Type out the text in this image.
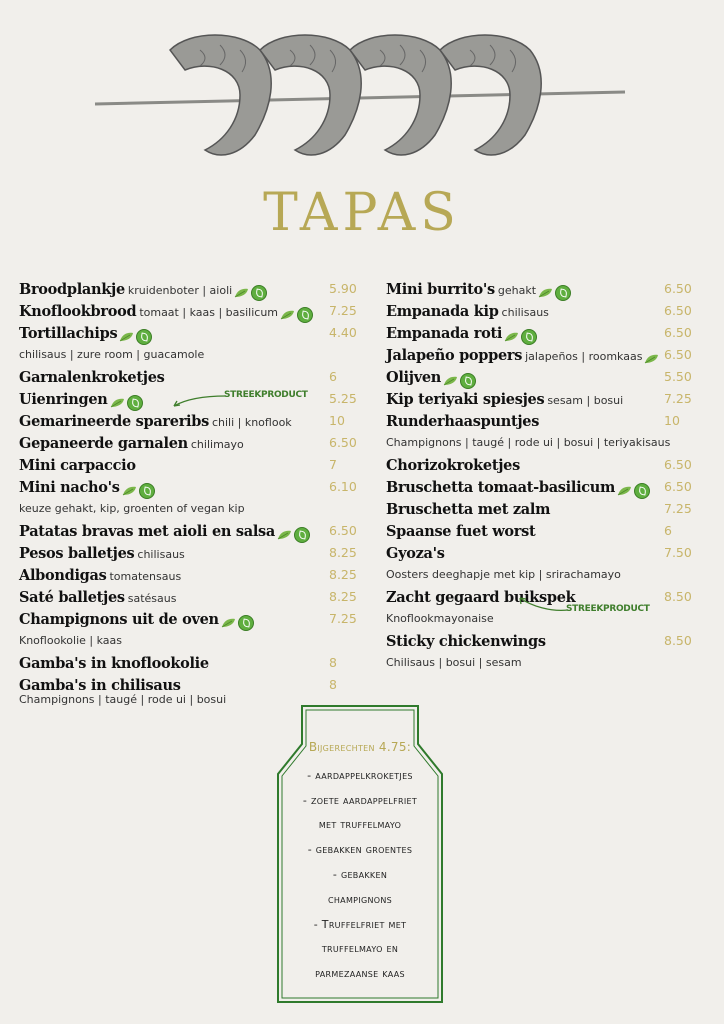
TAPAS
Broodplankje kruidenboter | aioli	5.90
Knoflookbrood tomaat | kaas | basilicum	7.25
Tortillachips	4.40
chilisaus | zure room | guacamole
Garnalenkroketjes	6
Uienringen	5.25
Gemarineerde spareribs chili | knoflook	10
Gepaneerde garnalen chilimayo	6.50
Mini carpaccio	7
Mini nacho's	6.10
keuze gehakt, kip, groenten of vegan kip
Patatas bravas met aioli en salsa	6.50
Pesos balletjes chilisaus	8.25
Albondigas tomatensaus	8.25
Saté balletjes satésaus	8.25
Champignons uit de oven	7.25
Knoflookolie | kaas
Gamba's in knoflookolie	8
Gamba's in chilisaus	8
Champignons | taugé | rode ui | bosui
Mini burrito's gehakt	6.50
Empanada kip chilisaus	6.50
Empanada roti	6.50
Jalapeño poppers jalapeños | roomkaas 6.50
Olijven	5.50
Kip teriyaki spiesjes sesam | bosui	7.25
Runderhaaspuntjes	10
Champignons | taugé | rode ui | bosui | teriyakisaus
Chorizokroketjes	6.50
Bruschetta tomaat-basilicum	6.50
Bruschetta met zalm	7.25
Spaanse fuet worst	6
Gyoza's	7.50
Oosters deeghapje met kip | srirachamayo
Zacht gegaard buikspek	8.50
Knoflookmayonaise
Sticky chickenwings	8.50
Chilisaus | bosui | sesam
STREEKPRODUCT
STREEKPRODUCT
Bijgerechten 4.75:
- aardappelkroketjes
- zoete aardappelfriet
met truffelmayo
- gebakken groentes
- gebakken
champignons
- Truffelfriet met
truffelmayo en
parmezaanse kaas
